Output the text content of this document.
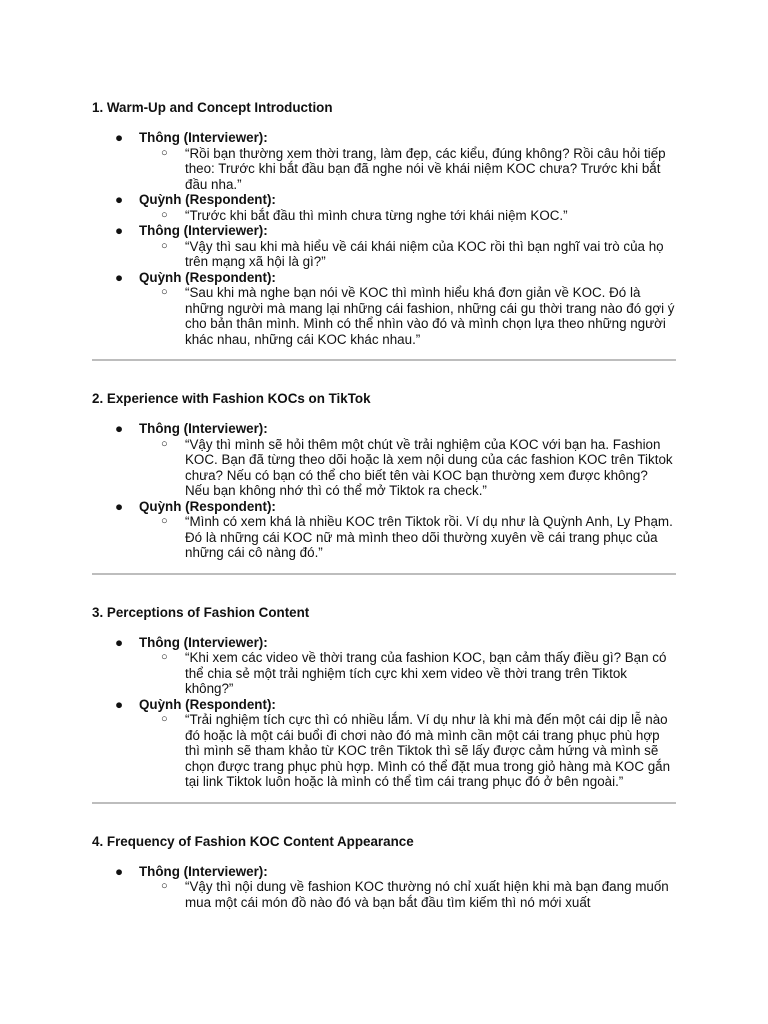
1. Warm-Up and Concept Introduction
● Thông (Interviewer):
○ “Rồi bạn thường xem thời trang, làm đẹp, các kiểu, đúng không? Rồi câu hỏi tiếp theo: Trước khi bắt đầu bạn đã nghe nói về khái niệm KOC chưa? Trước khi bắt đầu nha.”
● Quỳnh (Respondent):
○ “Trước khi bắt đầu thì mình chưa từng nghe tới khái niệm KOC.”
● Thông (Interviewer):
○ “Vậy thì sau khi mà hiểu về cái khái niệm của KOC rồi thì bạn nghĩ vai trò của họ trên mạng xã hội là gì?”
● Quỳnh (Respondent):
○ “Sau khi mà nghe bạn nói về KOC thì mình hiểu khá đơn giản về KOC. Đó là những người mà mang lại những cái fashion, những cái gu thời trang nào đó gợi ý cho bản thân mình. Mình có thể nhìn vào đó và mình chọn lựa theo những người khác nhau, những cái KOC khác nhau.”
2. Experience with Fashion KOCs on TikTok
● Thông (Interviewer):
○ “Vậy thì mình sẽ hỏi thêm một chút về trải nghiệm của KOC với bạn ha. Fashion KOC. Bạn đã từng theo dõi hoặc là xem nội dung của các fashion KOC trên Tiktok chưa? Nếu có bạn có thể cho biết tên vài KOC bạn thường xem được không? Nếu bạn không nhớ thì có thể mở Tiktok ra check.”
● Quỳnh (Respondent):
○ “Mình có xem khá là nhiều KOC trên Tiktok rồi. Ví dụ như là Quỳnh Anh, Ly Phạm. Đó là những cái KOC nữ mà mình theo dõi thường xuyên về cái trang phục của những cái cô nàng đó.”
3. Perceptions of Fashion Content
● Thông (Interviewer):
○ “Khi xem các video về thời trang của fashion KOC, bạn cảm thấy điều gì? Bạn có thể chia sẻ một trải nghiệm tích cực khi xem video về thời trang trên Tiktok không?”
● Quỳnh (Respondent):
○ “Trải nghiệm tích cực thì có nhiều lắm. Ví dụ như là khi mà đến một cái dịp lễ nào đó hoặc là một cái buổi đi chơi nào đó mà mình cần một cái trang phục phù hợp thì mình sẽ tham khảo từ KOC trên Tiktok thì sẽ lấy được cảm hứng và mình sẽ chọn được trang phục phù hợp. Mình có thể đặt mua trong giỏ hàng mà KOC gắn tại link Tiktok luôn hoặc là mình có thể tìm cái trang phục đó ở bên ngoài.”
4. Frequency of Fashion KOC Content Appearance
● Thông (Interviewer):
○ “Vậy thì nội dung về fashion KOC thường nó chỉ xuất hiện khi mà bạn đang muốn mua một cái món đồ nào đó và bạn bắt đầu tìm kiếm thì nó mới xuất
